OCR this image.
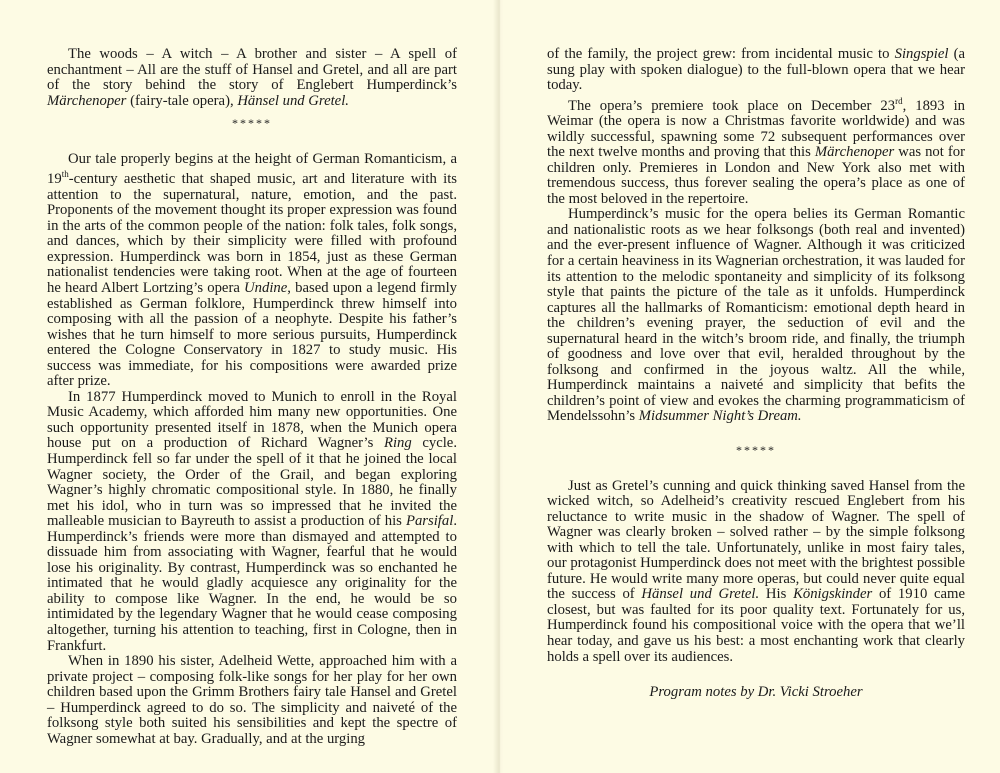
The woods – A witch – A brother and sister – A spell of enchantment – All are the stuff of Hansel and Gretel, and all are part of the story behind the story of Englebert Humperdinck’s Märchenoper (fairy-tale opera), Hänsel und Gretel.

*****

Our tale properly begins at the height of German Romanticism, a 19th-century aesthetic that shaped music, art and literature with its attention to the supernatural, nature, emotion, and the past. Proponents of the movement thought its proper expression was found in the arts of the common people of the nation: folk tales, folk songs, and dances, which by their simplicity were filled with profound expression. Humperdinck was born in 1854, just as these German nationalist tendencies were taking root. When at the age of fourteen he heard Albert Lortzing’s opera Undine, based upon a legend firmly established as German folklore, Humperdinck threw himself into composing with all the passion of a neophyte. Despite his father’s wishes that he turn himself to more serious pursuits, Humperdinck entered the Cologne Conservatory in 1827 to study music. His success was immediate, for his compositions were awarded prize after prize.

In 1877 Humperdinck moved to Munich to enroll in the Royal Music Academy, which afforded him many new opportunities. One such opportunity presented itself in 1878, when the Munich opera house put on a production of Richard Wagner’s Ring cycle. Humperdinck fell so far under the spell of it that he joined the local Wagner society, the Order of the Grail, and began exploring Wagner’s highly chromatic compositional style. In 1880, he finally met his idol, who in turn was so impressed that he invited the malleable musician to Bayreuth to assist a production of his Parsifal. Humperdinck’s friends were more than dismayed and attempted to dissuade him from associating with Wagner, fearful that he would lose his originality. By contrast, Humperdinck was so enchanted he intimated that he would gladly acquiesce any originality for the ability to compose like Wagner. In the end, he would be so intimidated by the legendary Wagner that he would cease composing altogether, turning his attention to teaching, first in Cologne, then in Frankfurt.

When in 1890 his sister, Adelheid Wette, approached him with a private project – composing folk-like songs for her play for her own children based upon the Grimm Brothers fairy tale Hansel and Gretel – Humperdinck agreed to do so. The simplicity and naiveté of the folksong style both suited his sensibilities and kept the spectre of Wagner somewhat at bay. Gradually, and at the urging

of the family, the project grew: from incidental music to Singspiel (a sung play with spoken dialogue) to the full-blown opera that we hear today.

The opera’s premiere took place on December 23rd, 1893 in Weimar (the opera is now a Christmas favorite worldwide) and was wildly successful, spawning some 72 subsequent performances over the next twelve months and proving that this Märchenoper was not for children only. Premieres in London and New York also met with tremendous success, thus forever sealing the opera’s place as one of the most beloved in the repertoire.

Humperdinck’s music for the opera belies its German Romantic and nationalistic roots as we hear folksongs (both real and invented) and the ever-present influence of Wagner. Although it was criticized for a certain heaviness in its Wagnerian orchestration, it was lauded for its attention to the melodic spontaneity and simplicity of its folksong style that paints the picture of the tale as it unfolds. Humperdinck captures all the hallmarks of Romanticism: emotional depth heard in the children’s evening prayer, the seduction of evil and the supernatural heard in the witch’s broom ride, and finally, the triumph of goodness and love over that evil, heralded throughout by the folksong and confirmed in the joyous waltz. All the while, Humperdinck maintains a naiveté and simplicity that befits the children’s point of view and evokes the charming programmaticism of Mendelssohn’s Midsummer Night’s Dream.

*****

Just as Gretel’s cunning and quick thinking saved Hansel from the wicked witch, so Adelheid’s creativity rescued Englebert from his reluctance to write music in the shadow of Wagner. The spell of Wagner was clearly broken – solved rather – by the simple folksong with which to tell the tale. Unfortunately, unlike in most fairy tales, our protagonist Humperdinck does not meet with the brightest possible future. He would write many more operas, but could never quite equal the success of Hänsel und Gretel. His Königskinder of 1910 came closest, but was faulted for its poor quality text. Fortunately for us, Humperdinck found his compositional voice with the opera that we’ll hear today, and gave us his best: a most enchanting work that clearly holds a spell over its audiences.

Program notes by Dr. Vicki Stroeher
